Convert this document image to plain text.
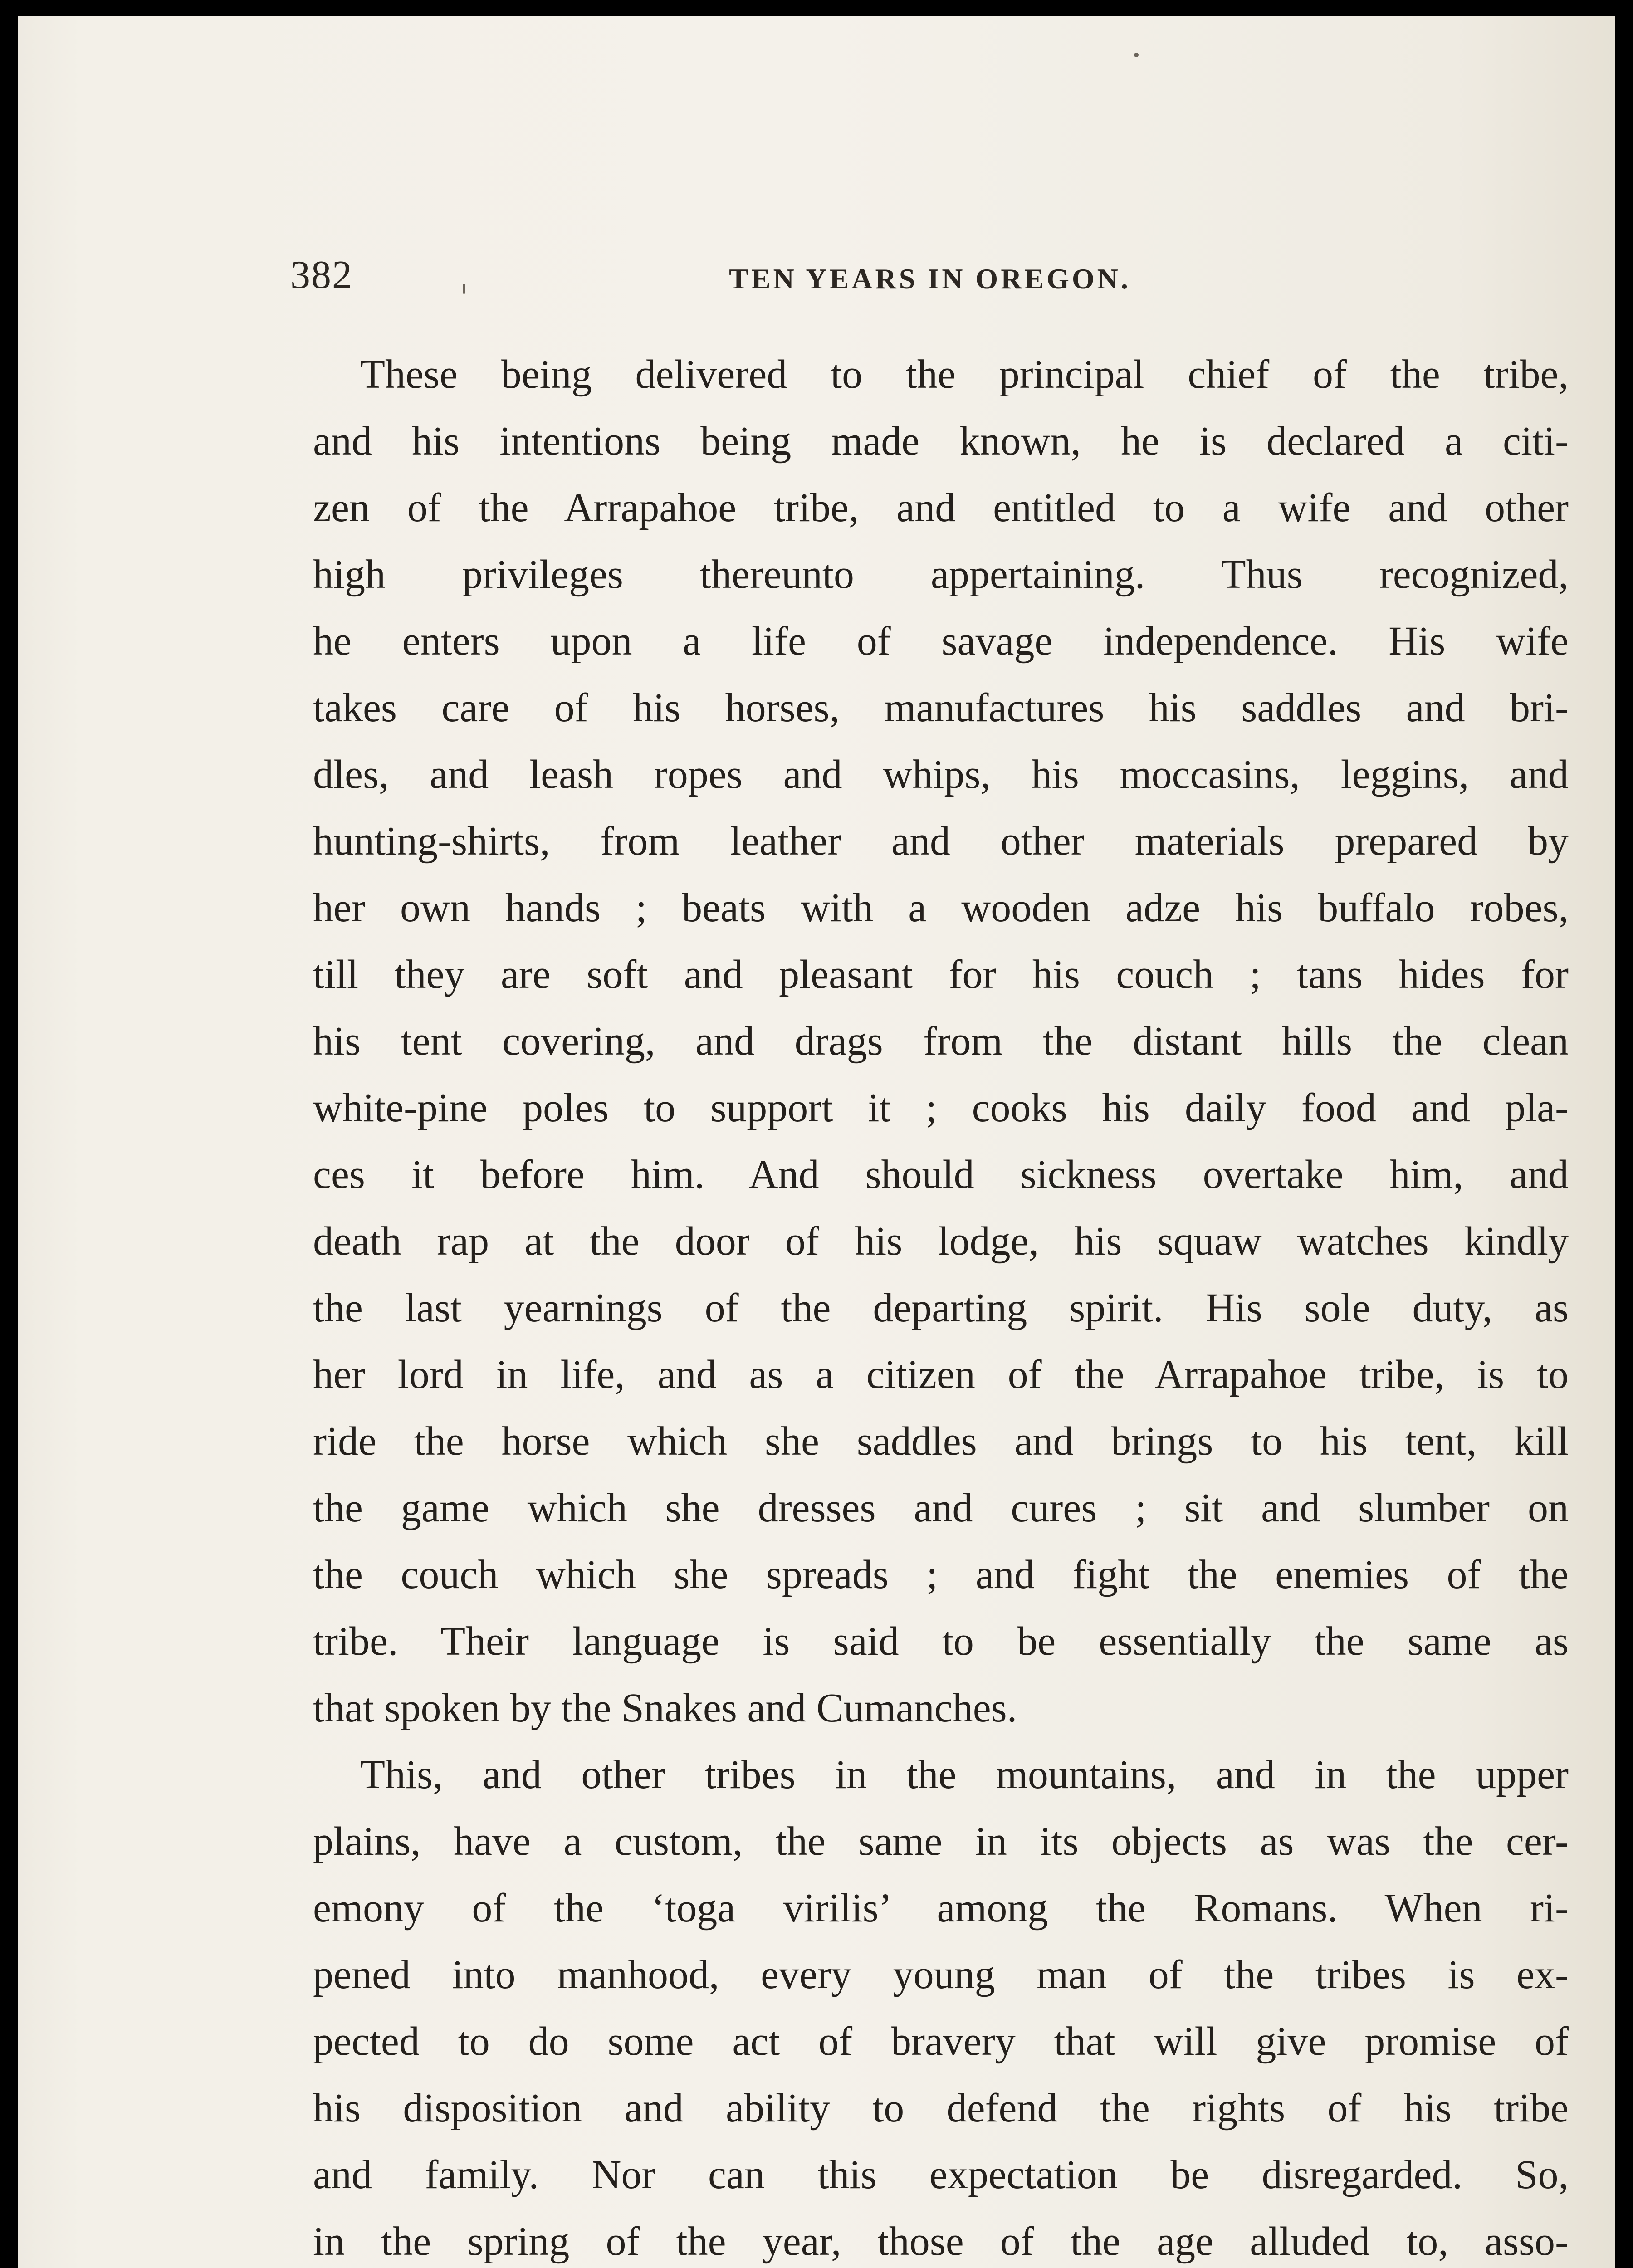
382	TEN YEARS IN OREGON.
These being delivered to the principal chief of the tribe,
and his intentions being made known, he is declared a citi-
zen of the Arrapahoe tribe, and entitled to a wife and other
high privileges thereunto appertaining. Thus recognized,
he enters upon a life of savage independence. His wife
takes care of his horses, manufactures his saddles and bri-
dles, and leash ropes and whips, his moccasins, leggins, and
hunting-shirts, from leather and other materials prepared by
her own hands ; beats with a wooden adze his buffalo robes,
till they are soft and pleasant for his couch ; tans hides for
his tent covering, and drags from the distant hills the clean
white-pine poles to support it ; cooks his daily food and pla-
ces it before him. And should sickness overtake him, and
death rap at the door of his lodge, his squaw watches kindly
the last yearnings of the departing spirit. His sole duty, as
her lord in life, and as a citizen of the Arrapahoe tribe, is to
ride the horse which she saddles and brings to his tent, kill
the game which she dresses and cures ; sit and slumber on
the couch which she spreads ; and fight the enemies of the
tribe. Their language is said to be essentially the same as
that spoken by the Snakes and Cumanches.
This, and other tribes in the mountains, and in the upper
plains, have a custom, the same in its objects as was the cer-
emony of the ‘toga virilis’ among the Romans. When ri-
pened into manhood, every young man of the tribes is ex-
pected to do some act of bravery that will give promise of
his disposition and ability to defend the rights of his tribe
and family. Nor can this expectation be disregarded. So,
in the spring of the year, those of the age alluded to, asso-
